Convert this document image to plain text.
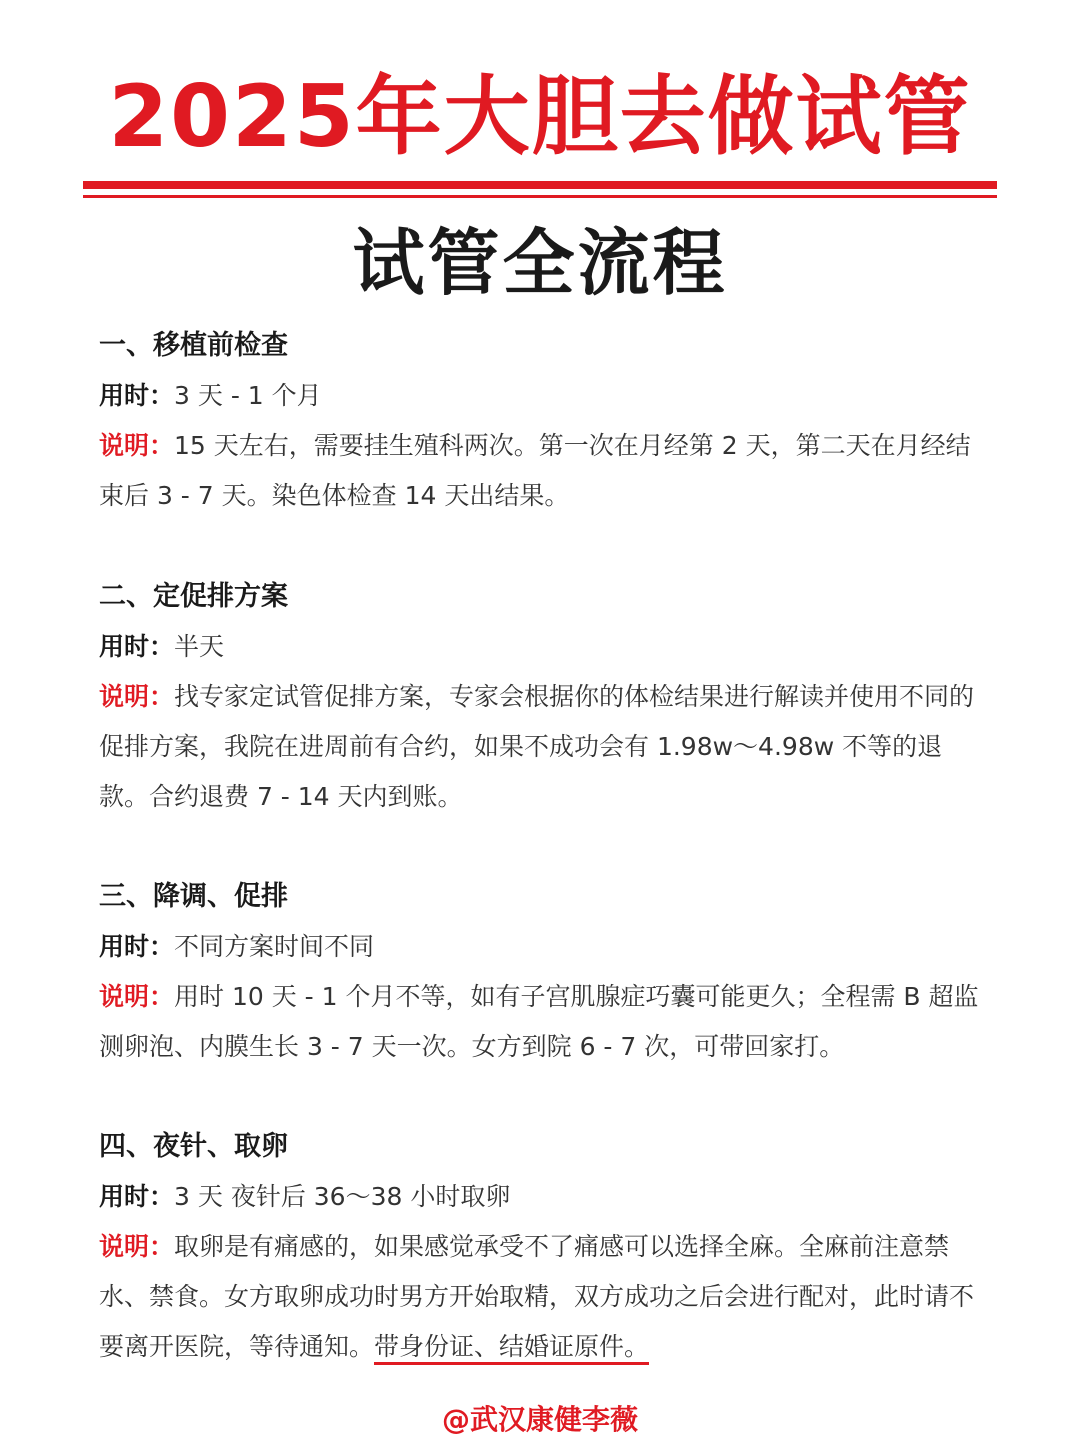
2025年大胆去做试管
试管全流程
一、移植前检查
用时：3 天 - 1 个月
说明：15 天左右，需要挂生殖科两次。第一次在月经第 2 天，第二天在月经结束后 3 - 7 天。染色体检查 14 天出结果。
二、定促排方案
用时：半天
说明：找专家定试管促排方案，专家会根据你的体检结果进行解读并使用不同的促排方案，我院在进周前有合约，如果不成功会有 1.98w～4.98w 不等的退款。合约退费 7 - 14 天内到账。
三、降调、促排
用时：不同方案时间不同
说明：用时 10 天 - 1 个月不等，如有子宫肌腺症巧囊可能更久；全程需 B 超监测卵泡、内膜生长 3 - 7 天一次。女方到院 6 - 7 次，可带回家打。
四、夜针、取卵
用时：3 天 夜针后 36～38 小时取卵
说明：取卵是有痛感的，如果感觉承受不了痛感可以选择全麻。全麻前注意禁水、禁食。女方取卵成功时男方开始取精，双方成功之后会进行配对，此时请不要离开医院，等待通知。带身份证、结婚证原件。
@武汉康健李薇
